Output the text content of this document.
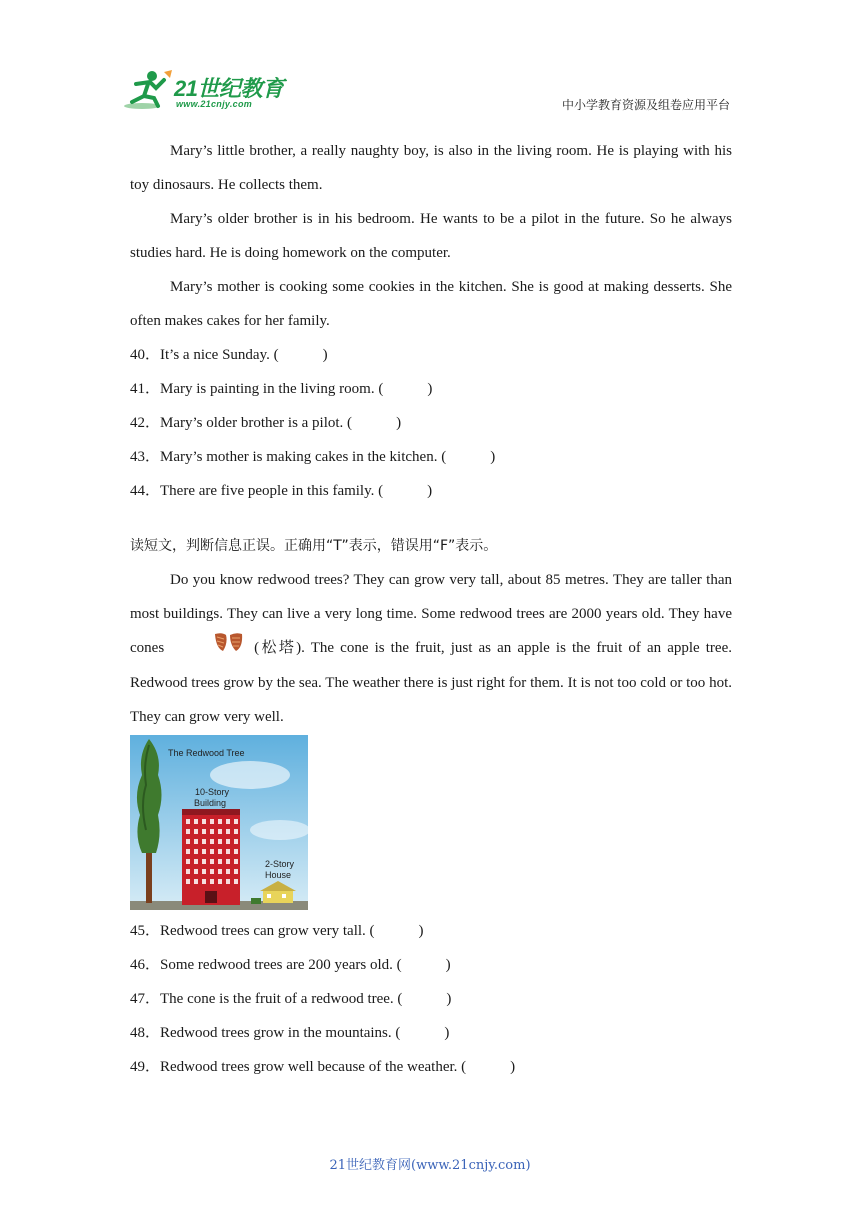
21世纪教育
www.21cnjy.com	中小学教育资源及组卷应用平台

Mary’s little brother, a really naughty boy, is also in the living room. He is playing with his toy dinosaurs. He collects them.

Mary’s older brother is in his bedroom. He wants to be a pilot in the future. So he always studies hard. He is doing homework on the computer.

Mary’s mother is cooking some cookies in the kitchen. She is good at making desserts. She often makes cakes for her family.

40．It’s a nice Sunday. (	)

41．Mary is painting in the living room. (	)

42．Mary’s older brother is a pilot. (	)

43．Mary’s mother is making cakes in the kitchen. (	)

44．There are five people in this family. (	)

读短文，判断信息正误。正确用“T”表示，错误用“F”表示。

Do you know redwood trees? They can grow very tall, about 85 metres. They are taller than most buildings. They can live a very long time. Some redwood trees are 2000 years old. They have cones	(松塔). The cone is the fruit, just as an apple is the fruit of an apple tree. Redwood trees grow by the sea. The weather there is just right for them. It is not too cold or too hot. They can grow very well.

The Redwood Tree
10-Story
Building
2-Story
House

45．Redwood trees can grow very tall. (	)

46．Some redwood trees are 200 years old. (	)

47．The cone is the fruit of a redwood tree. (	)

48．Redwood trees grow in the mountains. (	)

49．Redwood trees grow well because of the weather. (	)

21世纪教育网(www.21cnjy.com)
